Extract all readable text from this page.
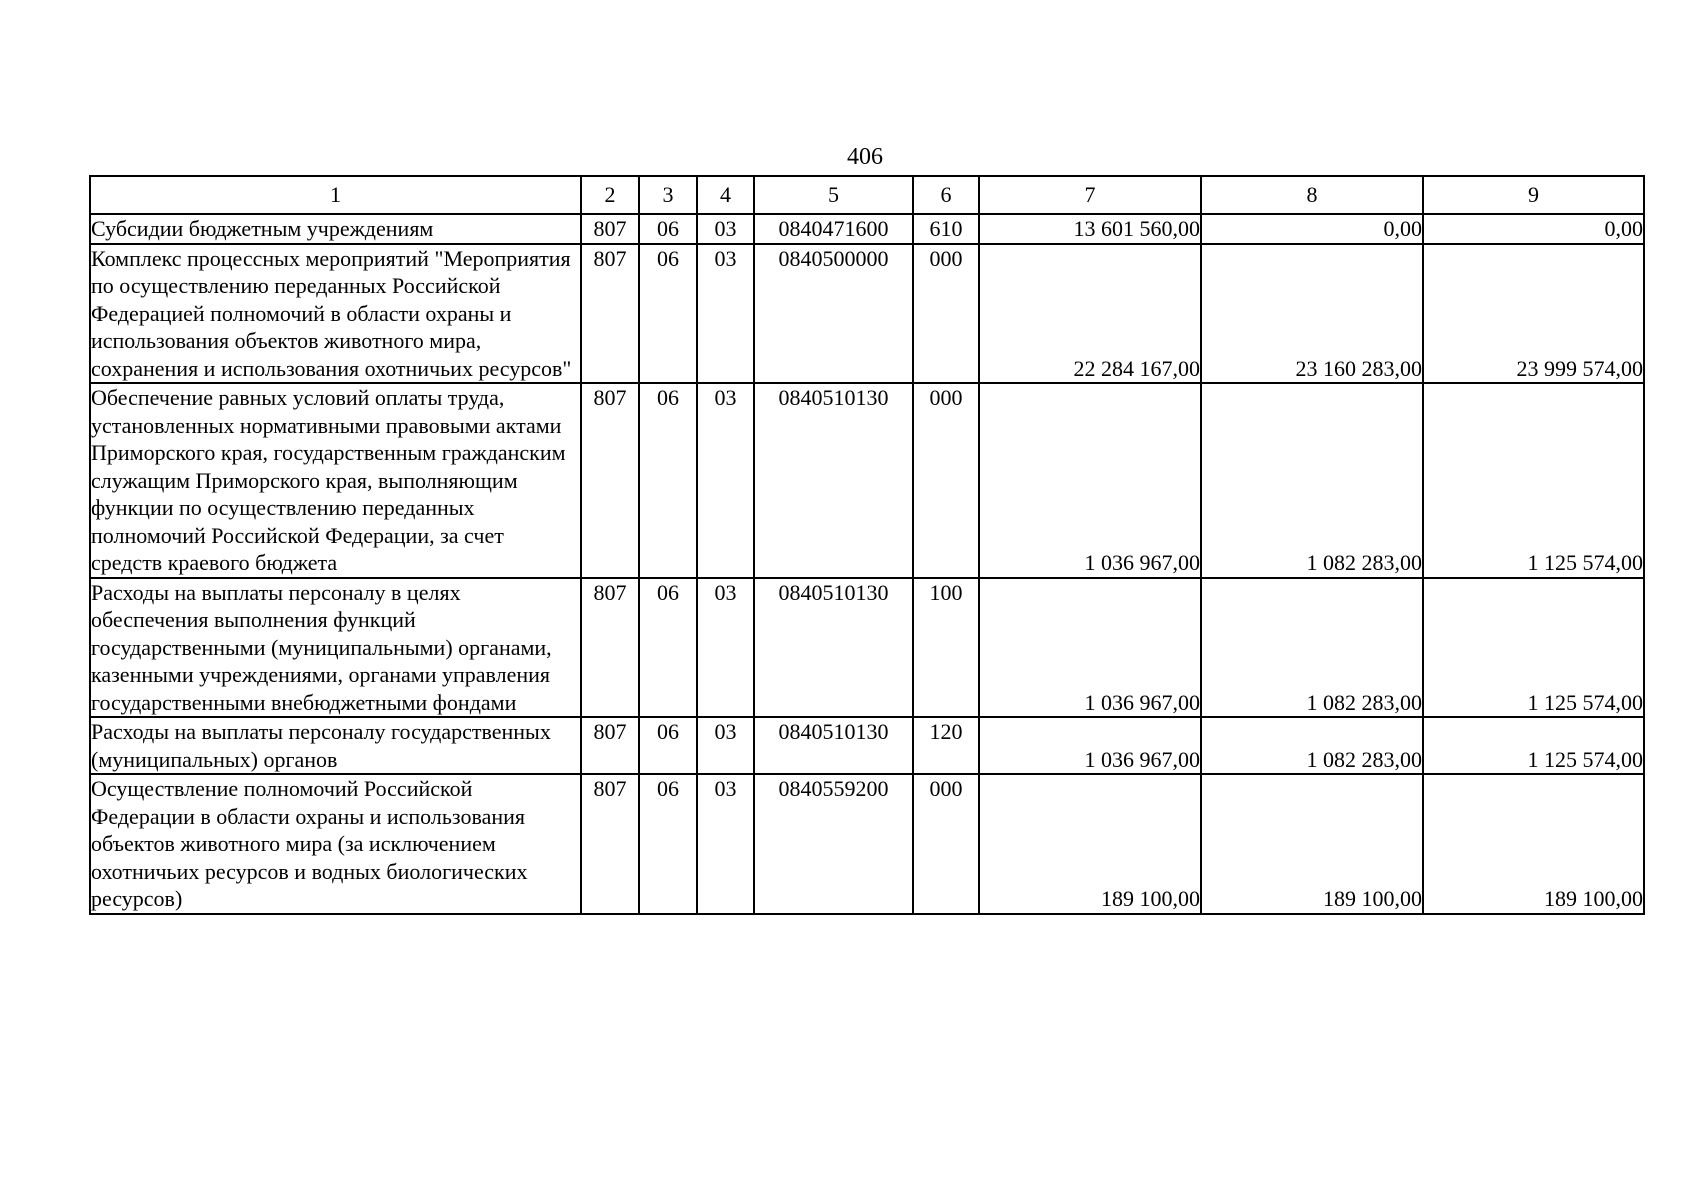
406
1	2	3	4	5	6	7	8	9
Субсидии бюджетным учреждениям	807	06	03	0840471600	610	13 601 560,00	0,00	0,00
Комплекс процессных мероприятий "Мероприятия по осуществлению переданных Российской Федерацией полномочий в области охраны и использования объектов животного мира, сохранения и использования охотничьих ресурсов"	807	06	03	0840500000	000	22 284 167,00	23 160 283,00	23 999 574,00
Обеспечение равных условий оплаты труда, установленных нормативными правовыми актами Приморского края, государственным гражданским служащим Приморского края, выполняющим функции по осуществлению переданных полномочий Российской Федерации, за счет средств краевого бюджета	807	06	03	0840510130	000	1 036 967,00	1 082 283,00	1 125 574,00
Расходы на выплаты персоналу в целях обеспечения выполнения функций государственными (муниципальными) органами, казенными учреждениями, органами управления государственными внебюджетными фондами	807	06	03	0840510130	100	1 036 967,00	1 082 283,00	1 125 574,00
Расходы на выплаты персоналу государственных (муниципальных) органов	807	06	03	0840510130	120	1 036 967,00	1 082 283,00	1 125 574,00
Осуществление полномочий Российской Федерации в области охраны и использования объектов животного мира (за исключением охотничьих ресурсов и водных биологических ресурсов)	807	06	03	0840559200	000	189 100,00	189 100,00	189 100,00
